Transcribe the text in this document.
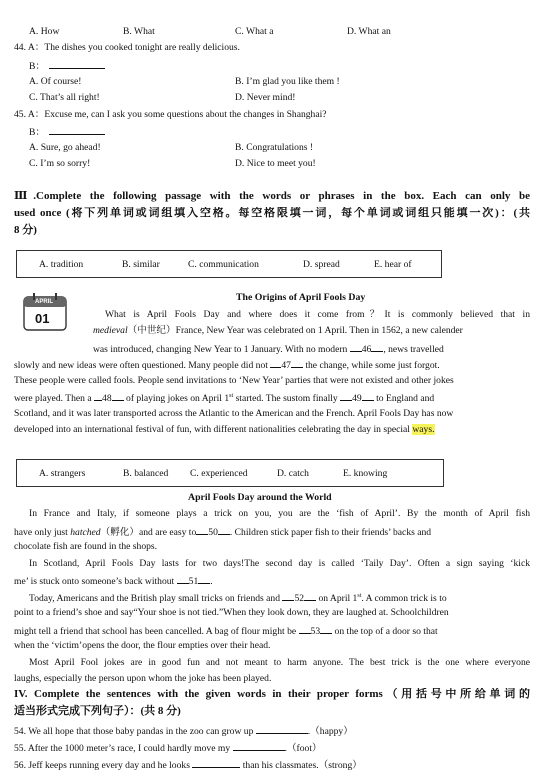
A. How	B. What	C. What a	D. What an
44. A：The dishes you cooked tonight are really delicious.
B：
A. Of course!	B. I’m glad you like them !
C. That’s all right!	D. Never mind!
45. A：Excuse me, can I ask you some questions about the changes in Shanghai?
B：
A. Sure, go ahead!	B. Congratulations !
C. I’m so sorry!	D. Nice to meet you!
Ⅲ.Complete the following passage with the words or phrases in the box. Each can only be
used once (将下列单词或词组填入空格。每空格限填一词，每个单词或词组只能填一次)：(共
8 分)
A. tradition	B. similar	C. communication	D. spread	E. hear of
APRIL
01
The Origins of April Fools Day
What is April Fools Day and where does it come from？It is commonly believed that in
medieval（中世纪）France, New Year was celebrated on 1 April. Then in 1562, a new calender
was introduced, changing New Year to 1 January. With no modern 46 , news travelled
slowly and new ideas were often questioned. Many people did not 47 the change, while some just forgot.
These people were called fools. People send invitations to ‘New Year’ parties that were not existed and other jokes
were played. Then a 48 of playing jokes on April 1st started. The sustom finally 49 to England and
Scotland, and it was later transported across the Atlantic to the American and the French. April Fools Day has now
developed into an international festival of fun, with different nationalities celebrating the day in special ways.
A. strangers	B. balanced C. experienced	D. catch	E. knowing
April Fools Day around the World
In France and Italy, if someone plays a trick on you, you are the ‘fish of April’. By the month of April fish
have only just hatched（孵化）and are easy to 50 . Children stick paper fish to their friends’ backs and
chocolate fish are found in the shops.
In Scotland, April Fools Day lasts for two days!The second day is called ‘Taily Day’. Often a sign saying ‘kick
me’ is stuck onto someone’s back without 51 .
Today, Americans and the British play small tricks on friends and 52 on April 1st. A common trick is to
point to a friend’s shoe and say“Your shoe is not tied.”When they look down, they are laughed at. Schoolchildren
might tell a friend that school has been cancelled. A bag of flour might be 53 on the top of a door so that
when the ‘victim’opens the door, the flour empties over their head.
Most April Fool jokes are in good fun and not meant to harm anyone. The best trick is the one where everyone
laughs, especially the person upon whom the joke has been played.
IV. Complete the sentences with the given words in their proper forms（用括号中所给单词的
适当形式完成下列句子）：(共 8 分)
54. We all hope that those baby pandas in the zoo can grow up	.（happy）
55. After the 1000 meter’s race, I could hardly move my	.（foot）
56. Jeff keeps running every day and he looks	than his classmates.（strong）
